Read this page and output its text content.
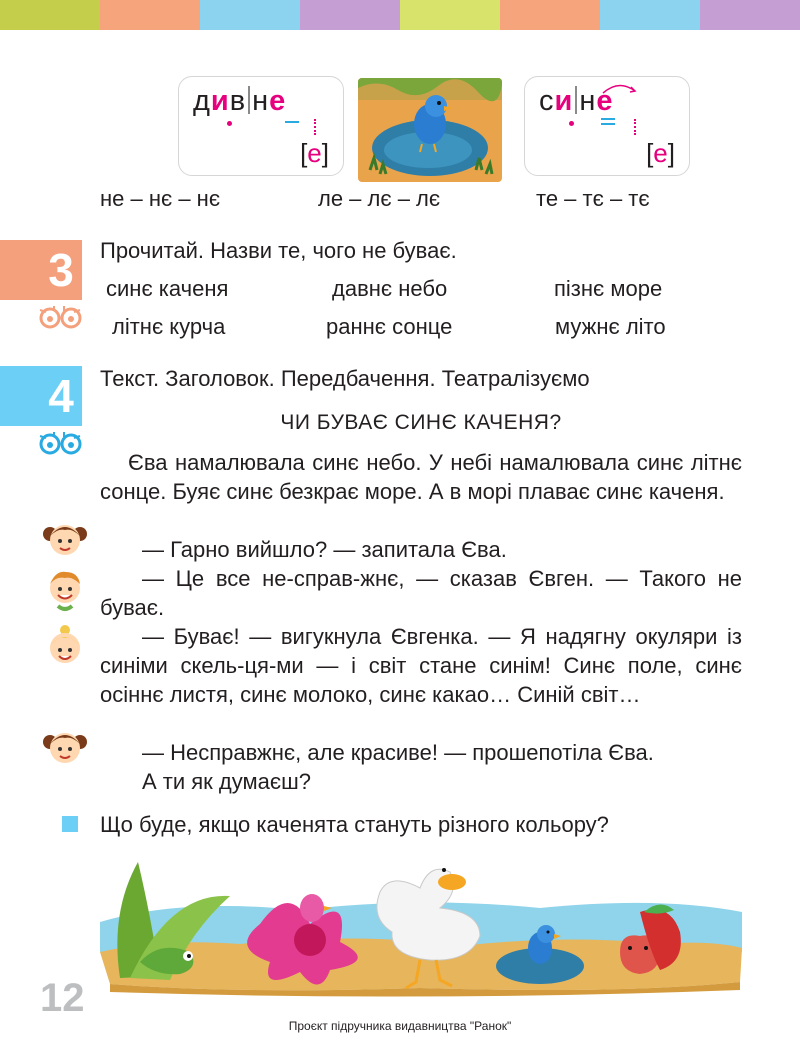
див не
[е]
си не
[е]
не – нє – нє	ле – лє – лє	те – тє – тє
3	Прочитай. Назви те, чого не буває.
синє каченя	давнє небо	пізнє море
літнє курча	раннє сонце	мужнє літо
4	Текст. Заголовок. Передбачення. Театралізуємо
ЧИ БУВАЄ СИНЄ КАЧЕНЯ?
Єва намалювала синє небо. У небі намалювала синє літнє сонце. Буяє синє безкрає море. А в морі плаває синє каченя.
— Гарно вийшло? — запитала Єва.
— Це все не-справ-жнє, — сказав Євген. — Такого не буває.
— Буває! — вигукнула Євгенка. — Я надягну окуляри із синіми скель-ця-ми — і світ стане синім! Синє поле, синє осіннє листя, синє молоко, синє какао… Синій світ…
— Несправжнє, але красиве! — прошепотіла Єва.
А ти як думаєш?
Що буде, якщо каченята стануть різного кольору?
12
Проєкт підручника видавництва "Ранок"
